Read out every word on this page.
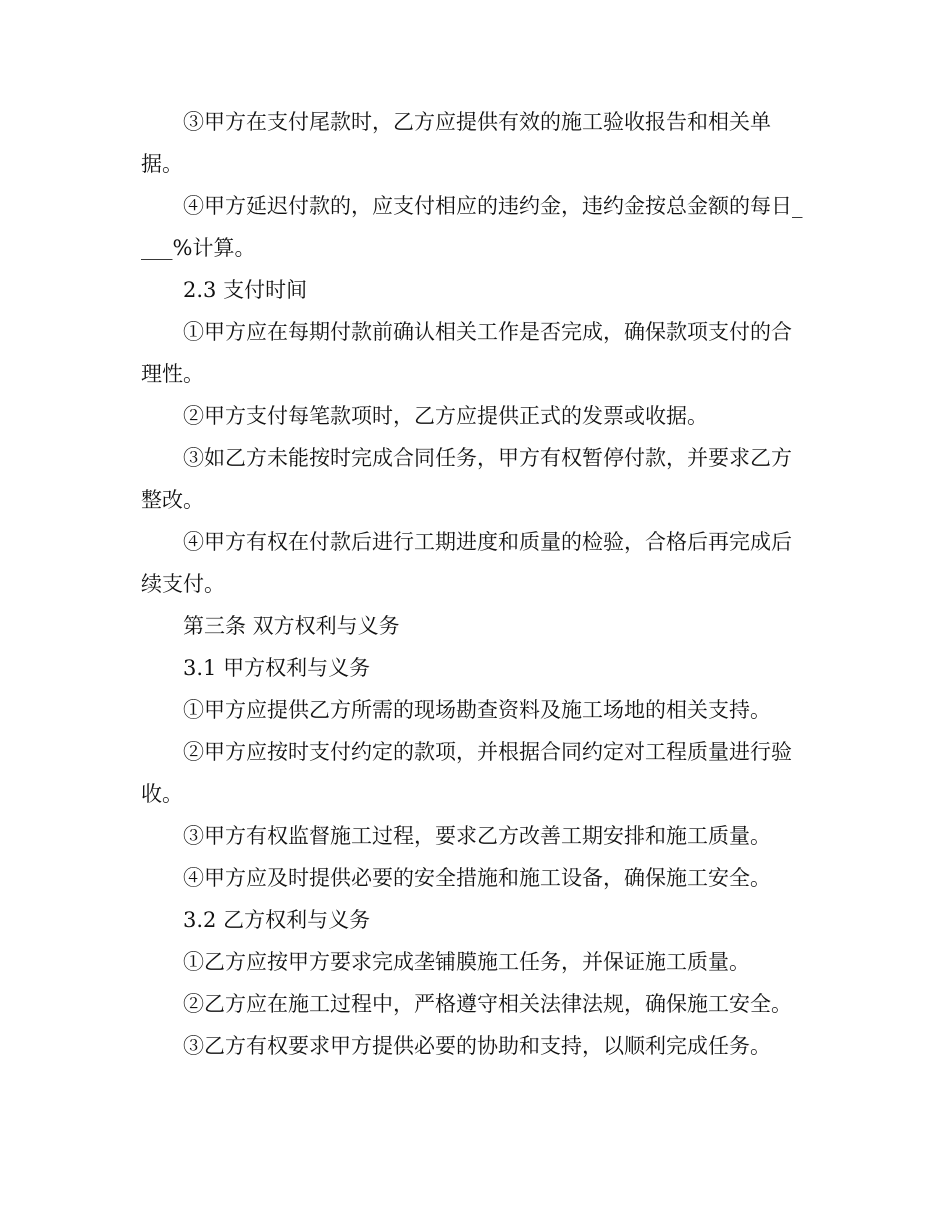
③甲方在支付尾款时，乙方应提供有效的施工验收报告和相关单据。

④甲方延迟付款的，应支付相应的违约金，违约金按总金额的每日____%计算。

2.3 支付时间

①甲方应在每期付款前确认相关工作是否完成，确保款项支付的合理性。

②甲方支付每笔款项时，乙方应提供正式的发票或收据。

③如乙方未能按时完成合同任务，甲方有权暂停付款，并要求乙方整改。

④甲方有权在付款后进行工期进度和质量的检验，合格后再完成后续支付。

第三条 双方权利与义务

3.1 甲方权利与义务

①甲方应提供乙方所需的现场勘查资料及施工场地的相关支持。

②甲方应按时支付约定的款项，并根据合同约定对工程质量进行验收。

③甲方有权监督施工过程，要求乙方改善工期安排和施工质量。

④甲方应及时提供必要的安全措施和施工设备，确保施工安全。

3.2 乙方权利与义务

①乙方应按甲方要求完成垄铺膜施工任务，并保证施工质量。

②乙方应在施工过程中，严格遵守相关法律法规，确保施工安全。

③乙方有权要求甲方提供必要的协助和支持，以顺利完成任务。
